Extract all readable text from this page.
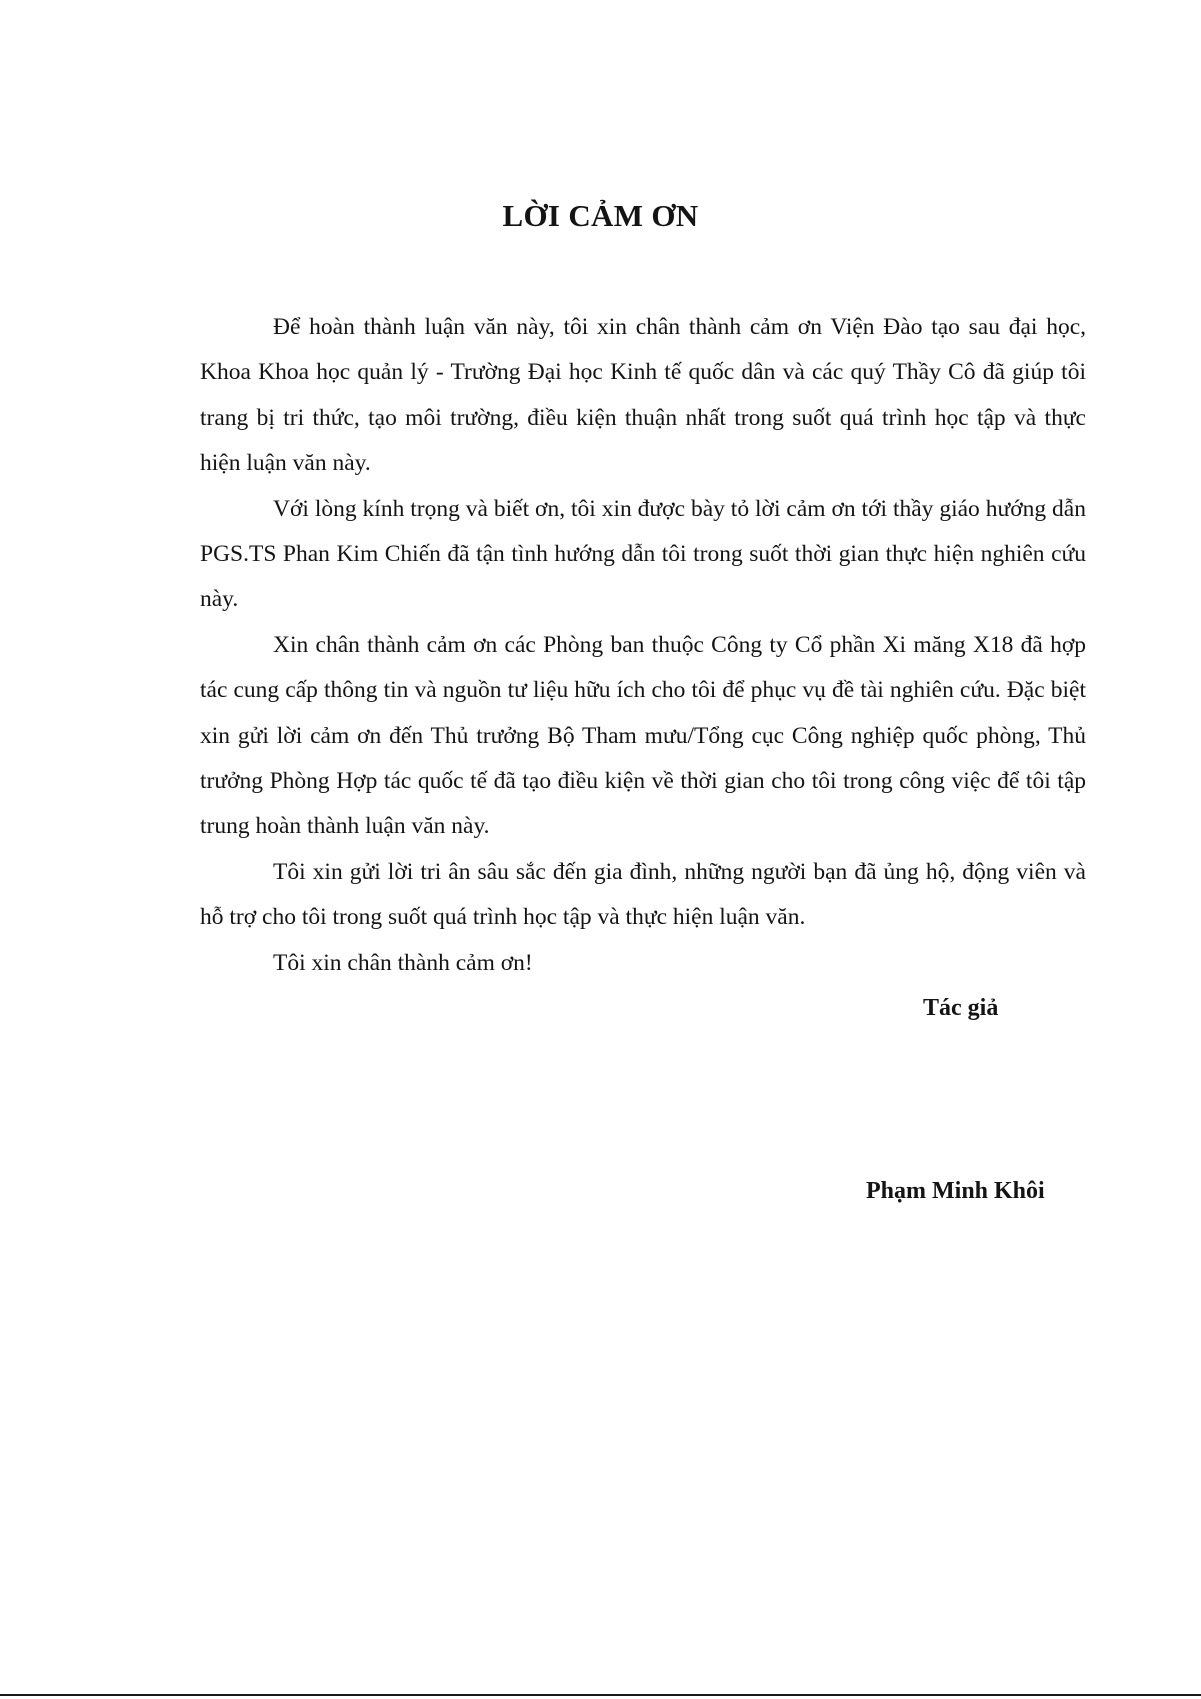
LỜI CẢM ƠN

Để hoàn thành luận văn này, tôi xin chân thành cảm ơn Viện Đào tạo sau đại học, Khoa Khoa học quản lý - Trường Đại học Kinh tế quốc dân và các quý Thầy Cô đã giúp tôi trang bị tri thức, tạo môi trường, điều kiện thuận nhất trong suốt quá trình học tập và thực hiện luận văn này.

Với lòng kính trọng và biết ơn, tôi xin được bày tỏ lời cảm ơn tới thầy giáo hướng dẫn PGS.TS Phan Kim Chiến đã tận tình hướng dẫn tôi trong suốt thời gian thực hiện nghiên cứu này.

Xin chân thành cảm ơn các Phòng ban thuộc Công ty Cổ phần Xi măng X18 đã hợp tác cung cấp thông tin và nguồn tư liệu hữu ích cho tôi để phục vụ đề tài nghiên cứu. Đặc biệt xin gửi lời cảm ơn đến Thủ trưởng Bộ Tham mưu/Tổng cục Công nghiệp quốc phòng, Thủ trưởng Phòng Hợp tác quốc tế đã tạo điều kiện về thời gian cho tôi trong công việc để tôi tập trung hoàn thành luận văn này.

Tôi xin gửi lời tri ân sâu sắc đến gia đình, những người bạn đã ủng hộ, động viên và hỗ trợ cho tôi trong suốt quá trình học tập và thực hiện luận văn.

Tôi xin chân thành cảm ơn!

Tác giả
Phạm Minh Khôi
